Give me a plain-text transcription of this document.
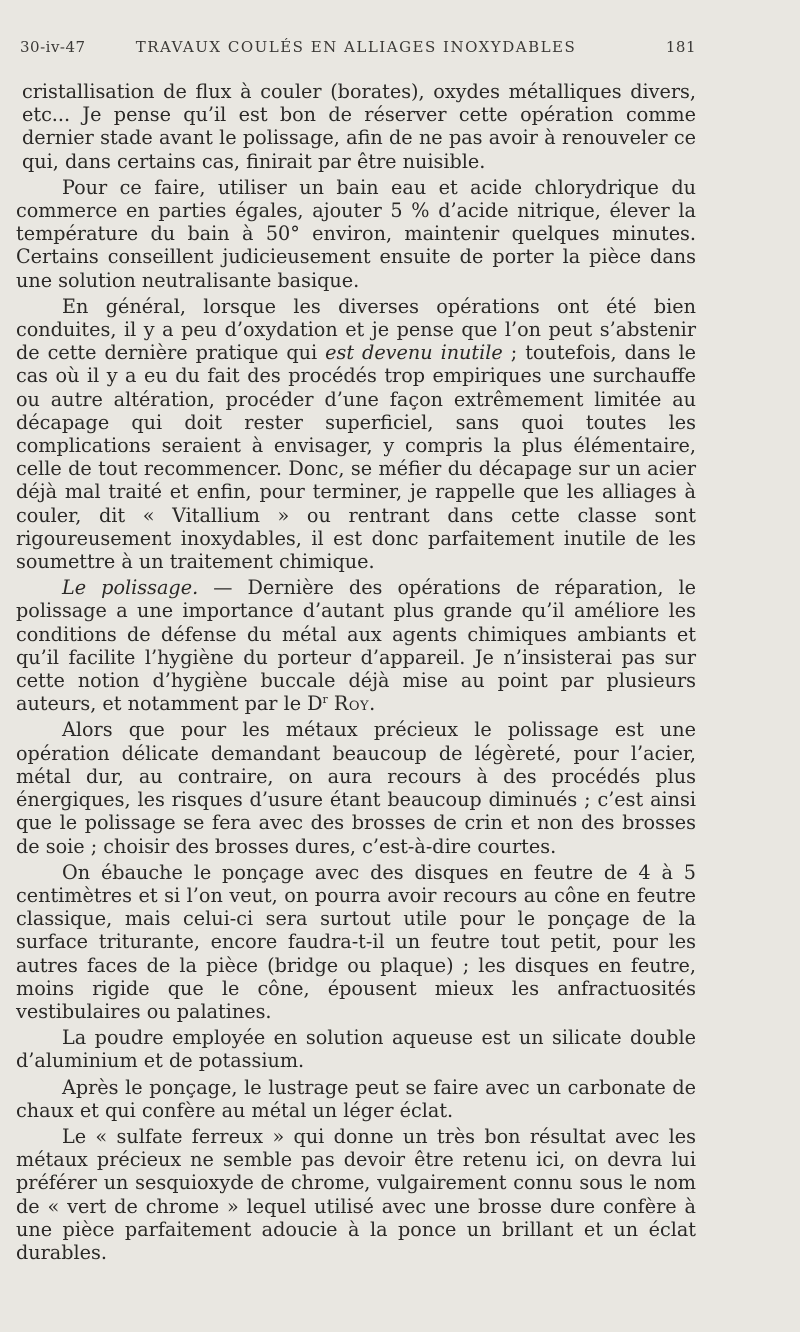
30-iv-47	TRAVAUX COULÉS EN ALLIAGES INOXYDABLES	181

cristallisation de flux à couler (borates), oxydes métalliques divers, etc... Je pense qu’il est bon de réserver cette opération comme dernier stade avant le polissage, afin de ne pas avoir à renouveler ce qui, dans certains cas, finirait par être nuisible.

Pour ce faire, utiliser un bain eau et acide chlorydrique du commerce en parties égales, ajouter 5 % d’acide nitrique, élever la température du bain à 50° environ, maintenir quelques minutes. Certains conseillent judicieusement ensuite de porter la pièce dans une solution neutralisante basique.

En général, lorsque les diverses opérations ont été bien conduites, il y a peu d’oxydation et je pense que l’on peut s’abstenir de cette dernière pratique qui est devenu inutile ; toutefois, dans le cas où il y a eu du fait des procédés trop empiriques une surchauffe ou autre altération, procéder d’une façon extrêmement limitée au décapage qui doit rester superficiel, sans quoi toutes les complications seraient à envisager, y compris la plus élémentaire, celle de tout recommencer. Donc, se méfier du décapage sur un acier déjà mal traité et enfin, pour terminer, je rappelle que les alliages à couler, dit « Vitallium » ou rentrant dans cette classe sont rigoureusement inoxydables, il est donc parfaitement inutile de les soumettre à un traitement chimique.

Le polissage. — Dernière des opérations de réparation, le polissage a une importance d’autant plus grande qu’il améliore les conditions de défense du métal aux agents chimiques ambiants et qu’il facilite l’hygiène du porteur d’appareil. Je n’insisterai pas sur cette notion d’hygiène buccale déjà mise au point par plusieurs auteurs, et notamment par le $D^r$ Roy.

Alors que pour les métaux précieux le polissage est une opération délicate demandant beaucoup de légèreté, pour l’acier, métal dur, au contraire, on aura recours à des procédés plus énergiques, les risques d’usure étant beaucoup diminués ; c’est ainsi que le polissage se fera avec des brosses de crin et non des brosses de soie ; choisir des brosses dures, c’est-à-dire courtes.

On ébauche le ponçage avec des disques en feutre de 4 à 5 centimètres et si l’on veut, on pourra avoir recours au cône en feutre classique, mais celui-ci sera surtout utile pour le ponçage de la surface triturante, encore faudra-t-il un feutre tout petit, pour les autres faces de la pièce (bridge ou plaque) ; les disques en feutre, moins rigide que le cône, épousent mieux les anfractuosités vestibulaires ou palatines.

La poudre employée en solution aqueuse est un silicate double d’aluminium et de potassium.

Après le ponçage, le lustrage peut se faire avec un carbonate de chaux et qui confère au métal un léger éclat.

Le « sulfate ferreux » qui donne un très bon résultat avec les métaux précieux ne semble pas devoir être retenu ici, on devra lui préférer un sesquioxyde de chrome, vulgairement connu sous le nom de « vert de chrome » lequel utilisé avec une brosse dure confère à une pièce parfaitement adoucie à la ponce un brillant et un éclat durables.
